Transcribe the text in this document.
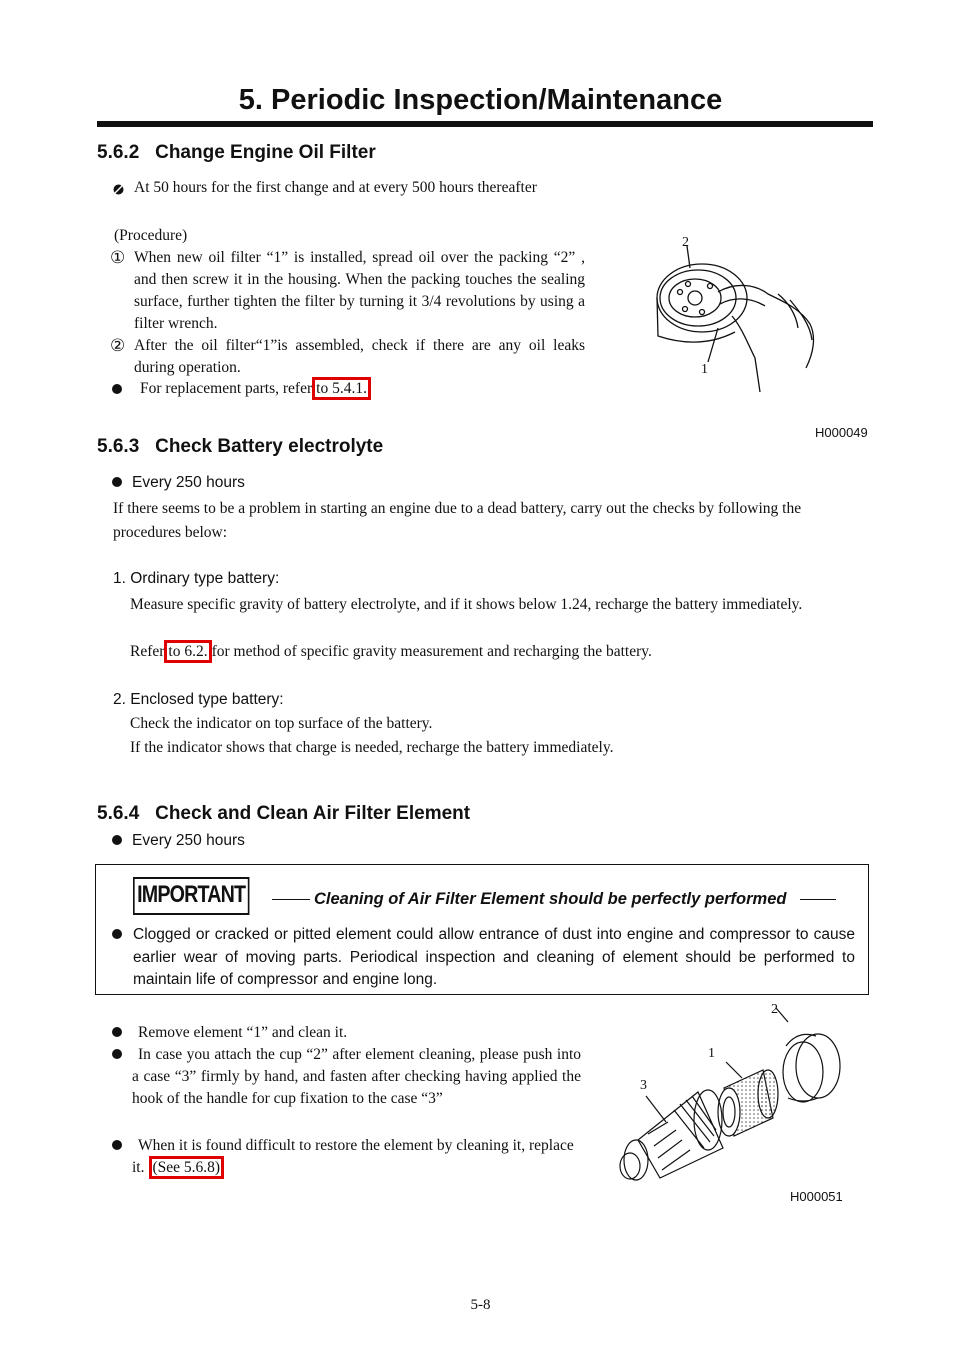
5. Periodic Inspection/Maintenance
5.6.2   Change Engine Oil Filter
At 50 hours for the first change and at every 500 hours thereafter
(Procedure)
① When new oil filter “1” is installed, spread oil over the packing “2” , and then screw it in the housing. When the packing touches the sealing surface, further tighten the filter by turning it 3/4 revolutions by using a filter wrench.
② After the oil filter“1”is assembled, check if there are any oil leaks during operation.
For replacement parts, refer to 5.4.1.
2
1
H000049
5.6.3   Check Battery electrolyte
Every 250 hours
If there seems to be a problem in starting an engine due to a dead battery, carry out the checks by following the procedures below:
1. Ordinary type battery:
Measure specific gravity of battery electrolyte, and if it shows below 1.24, recharge the battery immediately.
Refer to 6.2. for method of specific gravity measurement and recharging the battery.
2. Enclosed type battery:
Check the indicator on top surface of the battery.
If the indicator shows that charge is needed, recharge the battery immediately.
5.6.4   Check and Clean Air Filter Element
Every 250 hours
IMPORTANT	Cleaning of Air Filter Element should be perfectly performed
Clogged or cracked or pitted element could allow entrance of dust into engine and compressor to cause earlier wear of moving parts. Periodical inspection and cleaning of element should be performed to maintain life of compressor and engine long.
Remove element “1” and clean it.
In case you attach the cup “2” after element cleaning, please push into a case “3” firmly by hand, and fasten after checking having applied the hook of the handle for cup fixation to the case “3”
When it is found difficult to restore the element by cleaning it, replace it. (See 5.6.8)
2
1
3
H000051
5-8
